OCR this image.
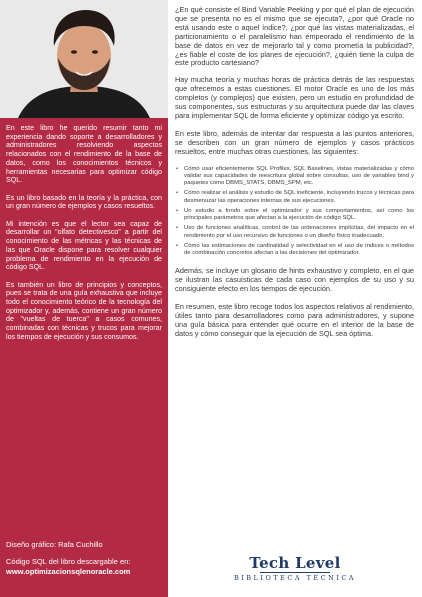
En este libro he querido resumir tanto mi experiencia dando soporte a desarrolladores y administradores resolviendo aspectos relacionados con el rendimiento de la base de datos, como los conocimientos técnicos y herramientas necesarias para optimizar código SQL.

Es un libro basado en la teoría y la práctica, con un gran número de ejemplos y casos resueltos.

Mi intención es que el lector sea capaz de desarrollar un "olfato detectivesco" a partir del conocimiento de las métricas y las técnicas de las que Oracle dispone para resolver cualquier problema de rendimiento en la ejecución de código SQL.

Es también un libro de principios y conceptos, pues se trata de una guía exhaustiva que incluye todo el conocimiento teórico de la tecnología del optimizador y, además, contiene un gran número de "vueltas de tuerca" a casos comunes, combinadas con técnicas y trucos para mejorar los tiempos de ejecución y sus consumos.

Diseño gráfico: Rafa Cuchillo
Código SQL del libro descargable en:
www.optimizacionsqlenoracle.com

¿En qué consiste el Bind Variable Peeking y por qué el plan de ejecución que se presenta no es el mismo que se ejecuta?, ¿por qué Oracle no está usando este o aquel índice?, ¿por qué las vistas materializadas, el particionamiento o el paralelismo han empeorado el rendimiento de la base de datos en vez de mejorarlo tal y como prometía la publicidad?, ¿es fiable el coste de los planes de ejecución?, ¿quién tiene la culpa de este producto cartesiano?

Hay mucha teoría y muchas horas de práctica detrás de las respuestas que ofrecemos a estas cuestiones. El motor Oracle es uno de los más completos (y complejos) que existen, pero un estudio en profundidad de sus componentes, sus estructuras y su arquitectura puede dar las claves para implementar SQL de forma eficiente y optimizar código ya escrito.

En este libro, además de intentar dar respuesta a las puntos anteriores, se describen con un gran número de ejemplos y casos prácticos resueltos, entre muchas otras cuestiones, las siguientes:

• Cómo usar eficientemente SQL Profiles, SQL Baselines, vistas materializadas y cómo validar sus capacidades de reescritura global sobre consultas, uso de variables bind y paquetes como DBMS_STATS, DBMS_SPM, etc.
• Cómo realizar el análisis y estudio de SQL ineficiente, incluyendo trucos y técnicas para desmenuzar las operaciones internas de sus ejecuciones.
• Un estudio a fondo sobre el optimizador y sus comportamientos, así como los principales parámetros que afectan a la ejecución de código SQL.
• Uso de funciones analíticas, control de las ordenaciones implícitas, del impacto en el rendimiento por el uso recursivo de funciones o un diseño físico inadecuado.
• Cómo las estimaciones de cardinalidad y selectividad en el uso de índices o métodos de combinación concretos afectan a las decisiones del optimizador.

Además, se incluye un glosario de hints exhaustivo y completo, en el que se ilustran las casuísticas de cada caso con ejemplos de su uso y su consiguiente efecto en los tiempos de ejecución.

En resumen, este libro recoge todos los aspectos relativos al rendimiento, útiles tanto para desarrolladores como para administradores, y supone una guía básica para entender qué ocurre en el interior de la base de datos y cómo conseguir que la ejecución de SQL sea óptima.

Tech Level
BIBLIOTECA TÉCNICA
